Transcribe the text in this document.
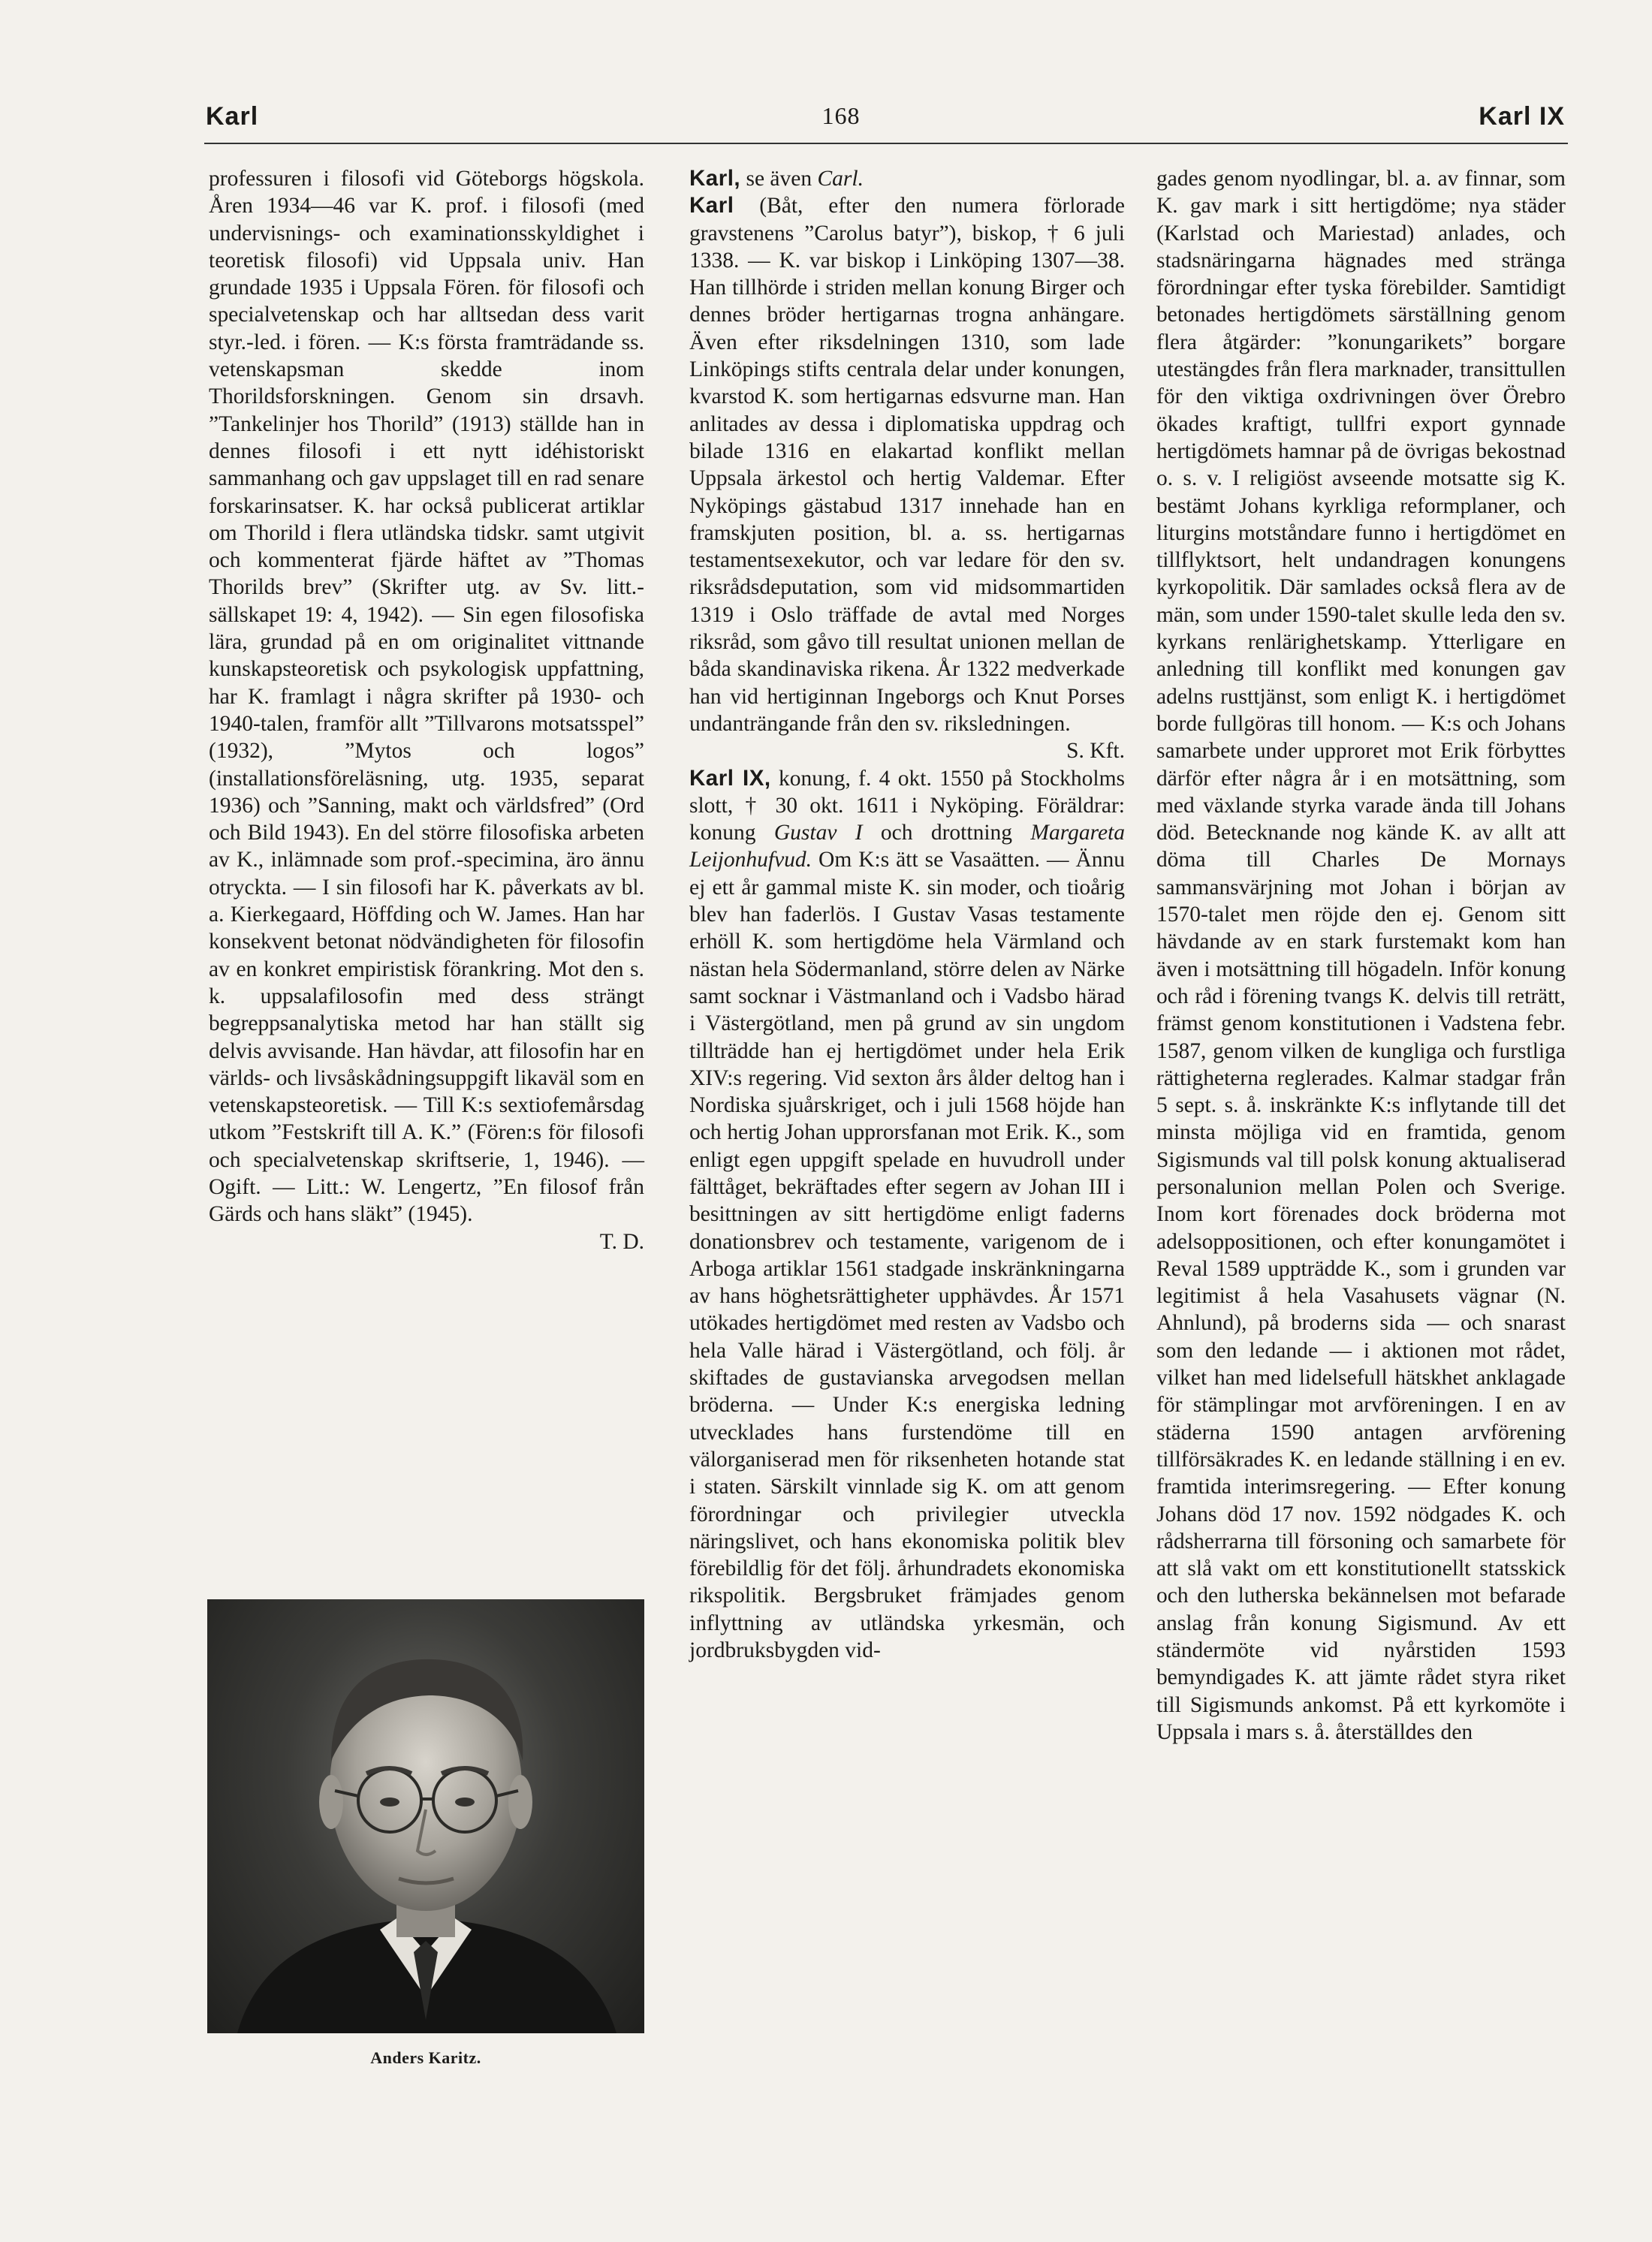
Karl	168	Karl IX

professuren i filosofi vid Göteborgs högskola. Åren 1934—46 var K. prof. i filosofi (med undervisnings- och examinationsskyldighet i teoretisk filosofi) vid Uppsala univ. Han grundade 1935 i Uppsala Fören. för filosofi och specialvetenskap och har alltsedan dess varit styr.-led. i fören. — K:s första framträdande ss. vetenskapsman skedde inom Thorildsforskningen. Genom sin drsavh. ”Tankelinjer hos Thorild” (1913) ställde han in dennes filosofi i ett nytt idéhistoriskt sammanhang och gav uppslaget till en rad senare forskarinsatser. K. har också publicerat artiklar om Thorild i flera utländska tidskr. samt utgivit och kommenterat fjärde häftet av ”Thomas Thorilds brev” (Skrifter utg. av Sv. litt.-sällskapet 19: 4, 1942). — Sin egen filosofiska lära, grundad på en om originalitet vittnande kunskapsteoretisk och psykologisk uppfattning, har K. framlagt i några skrifter på 1930- och 1940-talen, framför allt ”Tillvarons motsatsspel” (1932), ”Mytos och logos” (installationsföreläsning, utg. 1935, separat 1936) och ”Sanning, makt och världsfred” (Ord och Bild 1943). En del större filosofiska arbeten av K., inlämnade som prof.-specimina, äro ännu otryckta. — I sin filosofi har K. påverkats av bl. a. Kierkegaard, Höffding och W. James. Han har konsekvent betonat nödvändigheten för filosofin av en konkret empiristisk förankring. Mot den s. k. uppsalafilosofin med dess strängt begreppsanalytiska metod har han ställt sig delvis avvisande. Han hävdar, att filosofin har en världs- och livsåskådningsuppgift likaväl som en vetenskapsteoretisk. — Till K:s sextiofemårsdag utkom ”Festskrift till A. K.” (Fören:s för filosofi och specialvetenskap skriftserie, 1, 1946). — Ogift. — Litt.: W. Lengertz, ”En filosof från Gärds och hans släkt” (1945).

T. D.

Anders Karitz.

Karl, se även Carl.

Karl (Båt, efter den numera förlorade gravstenens ”Carolus batyr”), biskop, † 6 juli 1338. — K. var biskop i Linköping 1307—38. Han tillhörde i striden mellan konung Birger och dennes bröder hertigarnas trogna anhängare. Även efter riksdelningen 1310, som lade Linköpings stifts centrala delar under konungen, kvarstod K. som hertigarnas edsvurne man. Han anlitades av dessa i diplomatiska uppdrag och bilade 1316 en elakartad konflikt mellan Uppsala ärkestol och hertig Valdemar. Efter Nyköpings gästabud 1317 innehade han en framskjuten position, bl. a. ss. hertigarnas testamentsexekutor, och var ledare för den sv. riksrådsdeputation, som vid midsommartiden 1319 i Oslo träffade de avtal med Norges riksråd, som gåvo till resultat unionen mellan de båda skandinaviska rikena. År 1322 medverkade han vid hertiginnan Ingeborgs och Knut Porses undanträngande från den sv. riksledningen.

S. Kft.

Karl IX, konung, f. 4 okt. 1550 på Stockholms slott, † 30 okt. 1611 i Nyköping. Föräldrar: konung Gustav I och drottning Margareta Leijonhufvud. Om K:s ätt se Vasaätten. — Ännu ej ett år gammal miste K. sin moder, och tioårig blev han faderlös. I Gustav Vasas testamente erhöll K. som hertigdöme hela Värmland och nästan hela Södermanland, större delen av Närke samt socknar i Västmanland och i Vadsbo härad i Västergötland, men på grund av sin ungdom tillträdde han ej hertigdömet under hela Erik XIV:s regering. Vid sexton års ålder deltog han i Nordiska sjuårskriget, och i juli 1568 höjde han och hertig Johan upprorsfanan mot Erik. K., som enligt egen uppgift spelade en huvudroll under fälttåget, bekräftades efter segern av Johan III i besittningen av sitt hertigdöme enligt faderns donationsbrev och testamente, varigenom de i Arboga artiklar 1561 stadgade inskränkningarna av hans höghetsrättigheter upphävdes. År 1571 utökades hertigdömet med resten av Vadsbo och hela Valle härad i Västergötland, och följ. år skiftades de gustavianska arvegodsen mellan bröderna. — Under K:s energiska ledning utvecklades hans furstendöme till en välorganiserad men för riksenheten hotande stat i staten. Särskilt vinnlade sig K. om att genom förordningar och privilegier utveckla näringslivet, och hans ekonomiska politik blev förebildlig för det följ. århundradets ekonomiska rikspolitik. Bergsbruket främjades genom inflyttning av utländska yrkesmän, och jordbruksbygden vid-

gades genom nyodlingar, bl. a. av finnar, som K. gav mark i sitt hertigdöme; nya städer (Karlstad och Mariestad) anlades, och stadsnäringarna hägnades med stränga förordningar efter tyska förebilder. Samtidigt betonades hertigdömets särställning genom flera åtgärder: ”konungarikets” borgare utestängdes från flera marknader, transittullen för den viktiga oxdrivningen över Örebro ökades kraftigt, tullfri export gynnade hertigdömets hamnar på de övrigas bekostnad o. s. v. I religiöst avseende motsatte sig K. bestämt Johans kyrkliga reformplaner, och liturgins motståndare funno i hertigdömet en tillflyktsort, helt undandragen konungens kyrkopolitik. Där samlades också flera av de män, som under 1590-talet skulle leda den sv. kyrkans renlärighetskamp. Ytterligare en anledning till konflikt med konungen gav adelns rusttjänst, som enligt K. i hertigdömet borde fullgöras till honom. — K:s och Johans samarbete under upproret mot Erik förbyttes därför efter några år i en motsättning, som med växlande styrka varade ända till Johans död. Betecknande nog kände K. av allt att döma till Charles De Mornays sammansvärjning mot Johan i början av 1570-talet men röjde den ej. Genom sitt hävdande av en stark furstemakt kom han även i motsättning till högadeln. Inför konung och råd i förening tvangs K. delvis till reträtt, främst genom konstitutionen i Vadstena febr. 1587, genom vilken de kungliga och furstliga rättigheterna reglerades. Kalmar stadgar från 5 sept. s. å. inskränkte K:s inflytande till det minsta möjliga vid en framtida, genom Sigismunds val till polsk konung aktualiserad personalunion mellan Polen och Sverige. Inom kort förenades dock bröderna mot adelsoppositionen, och efter konungamötet i Reval 1589 uppträdde K., som i grunden var legitimist å hela Vasahusets vägnar (N. Ahnlund), på broderns sida — och snarast som den ledande — i aktionen mot rådet, vilket han med lidelsefull hätskhet anklagade för stämplingar mot arvföreningen. I en av städerna 1590 antagen arvförening tillförsäkrades K. en ledande ställning i en ev. framtida interimsregering. — Efter konung Johans död 17 nov. 1592 nödgades K. och rådsherrarna till försoning och samarbete för att slå vakt om ett konstitutionellt statsskick och den lutherska bekännelsen mot befarade anslag från konung Sigismund. Av ett ständermöte vid nyårstiden 1593 bemyndigades K. att jämte rådet styra riket till Sigismunds ankomst. På ett kyrkomöte i Uppsala i mars s. å. återställdes den
